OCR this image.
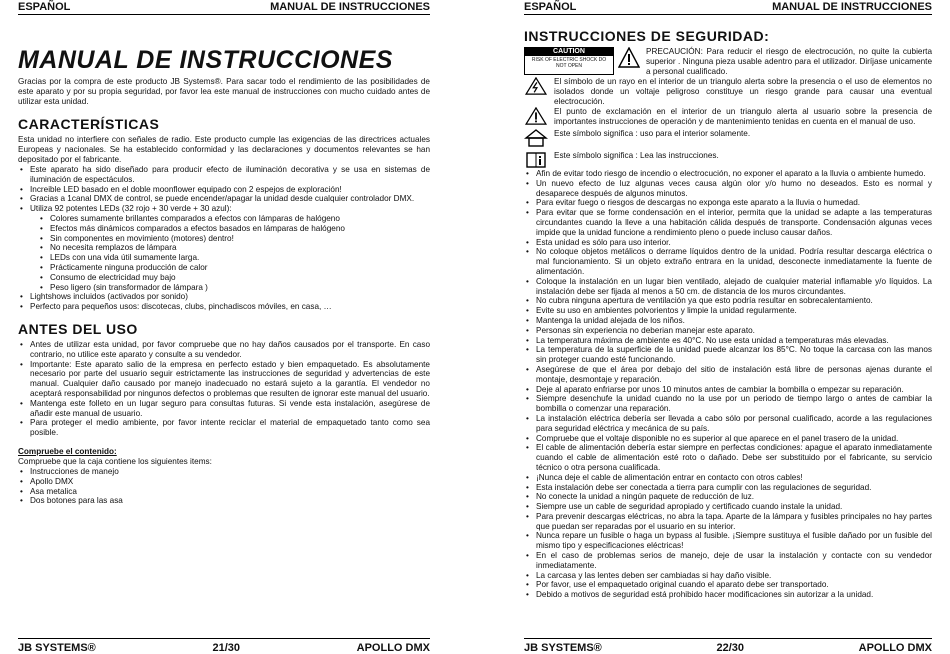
ESPAÑOL	MANUAL DE INSTRUCCIONES
MANUAL DE INSTRUCCIONES

Gracias por la compra de este producto JB Systems®. Para sacar todo el rendimiento de las posibilidades de este aparato y por su propia seguridad, por favor lea este manual de instrucciones con mucho cuidado antes de utilizar esta unidad.

CARACTERÍSTICAS

Esta unidad no interfiere con señales de radio. Este producto cumple las exigencias de las directrices actuales Europeas y nacionales. Se ha establecido conformidad y las declaraciones y documentos relevantes se han depositado por el fabricante.

• Este aparato ha sido diseñado para producir efecto de iluminación decorativa y se usa en sistemas de iluminación de espectáculos.
• Increible LED basado en el doble moonflower equipado con 2 espejos de exploración!
• Gracias a 1canal DMX de control, se puede encender/apagar la unidad desde cualquier controlador DMX.
• Utiliza 92 potentes LEDs (32 rojo + 30 verde + 30 azul):
• Colores sumamente brillantes comparados a efectos con lámparas de halógeno
• Efectos más dinámicos comparados a efectos basados en lámparas de halógeno
• Sin componentes en movimiento (motores) dentro!
• No necesita remplazos de lámpara
• LEDs con una vida útil sumamente larga.
• Prácticamente ninguna producción de calor
• Consumo de electricidad muy bajo
• Peso ligero (sin transformador de lámpara )
• Lightshows incluidos (activados por sonido)
• Perfecto para pequeños usos: discotecas, clubs, pinchadiscos móviles, en casa, …
ANTES DEL USO
• Antes de utilizar esta unidad, por favor compruebe que no hay daños causados por el transporte. En caso contrario, no utilice este aparato y consulte a su vendedor.
• Importante: Este aparato salio de la empresa en perfecto estado y bien empaquetado. Es absolutamente necesario por parte del usuario seguir estrictamente las instrucciones de seguridad y advertencias de este manual. Cualquier daño causado por manejo inadecuado no estará sujeto a la garantía. El vendedor no aceptará responsabilidad por ningunos defectos o problemas que resulten de ignorar este manual del usuario.
• Mantenga este folleto en un lugar seguro para consultas futuras. Si vende esta instalación, asegúrese de añadir este manual de usuario.
• Para proteger el medio ambiente, por favor intente reciclar el material de empaquetado tanto como sea posible.

Compruebe el contenido:

Compruebe que la caja contiene los siguientes items:

• Instrucciones de manejo
• Apollo DMX
• Asa metalica
• Dos botones para las asa
JB SYSTEMS®	21/30	APOLLO DMX
ESPAÑOL	MANUAL DE INSTRUCCIONES
INSTRUCCIONES DE SEGURIDAD:
CAUTION
RISK OF ELECTRIC SHOCK DO NOT OPEN

PRECAUCIÓN: Para reducir el riesgo de electrocución, no quite la cubierta superior . Ninguna pieza usable adentro para el utilizador. Diríjase unicamente a personal cualificado.

El símbolo de un rayo en el interior de un triangulo alerta sobre la presencia o el uso de elementos no isolados donde un voltaje peligroso constituye un riesgo grande para causar una eventual electrocución.

El punto de exclamación en el interior de un triangulo alerta al usuario sobre la presencia de importantes instrucciones de operación y de mantenimiento tenidas en cuenta en el manual de uso.

Este símbolo significa : uso para el interior solamente.

Este símbolo significa : Lea las instrucciones.

• Afin de evitar todo riesgo de incendio o electrocución, no exponer el aparato a la lluvia o ambiente humedo.
• Un nuevo efecto de luz algunas veces causa algún olor y/o humo no deseados. Esto es normal y desaparece después de algunos minutos.
• Para evitar fuego o riesgos de descargas no exponga este aparato a la lluvia o humedad.
• Para evitar que se forme condensación en el interior, permita que la unidad se adapte a las temperaturas circundantes cuando la lleve a una habitación cálida después de transporte. Condensación algunas veces impide que la unidad funcione a rendimiento pleno o puede incluso causar daños.
• Esta unidad es sólo para uso interior.
• No coloque objetos metálicos o derrame líquidos dentro de la unidad. Podría resultar descarga eléctrica o mal funcionamiento. Si un objeto extraño entrara en la unidad, desconecte inmediatamente la fuente de alimentación.
• Coloque la instalación en un lugar bien ventilado, alejado de cualquier material inflamable y/o líquidos. La instalación debe ser fijada al menos a 50 cm. de distancia de los muros circundantes.
• No cubra ninguna apertura de ventilación ya que esto podría resultar en sobrecalentamiento.
• Evite su uso en ambientes polvorientos y limpie la unidad regularmente.
• Mantenga la unidad alejada de los niños.
• Personas sin experiencia no deberian manejar este aparato.
• La temperatura máxima de ambiente es 40°C. No use esta unidad a temperaturas más elevadas.
• La temperatura de la superficie de la unidad puede alcanzar los 85°C. No toque la carcasa con las manos sin proteger cuando esté funcionando.
• Asegúrese de que el área por debajo del sitio de instalación está libre de personas ajenas durante el montaje, desmontaje y reparación.
• Deje al aparato enfriarse por unos 10 minutos antes de cambiar la bombilla o empezar su reparación.
• Siempre desenchufe la unidad cuando no la use por un periodo de tiempo largo o antes de cambiar la bombilla o comenzar una reparación.
• La instalación eléctrica debería ser llevada a cabo sólo por personal cualificado, acorde a las regulaciones para seguridad eléctrica y mecánica de su país.
• Compruebe que el voltaje disponible no es superior al que aparece en el panel trasero de la unidad.
• El cable de alimentación debería estar siempre en perfectas condiciones: apague el aparato inmediatamente cuando el cable de alimentación esté roto o dañado. Debe ser substituido por el fabricante, su servicio técnico o otra persona cualificada.
• ¡Nunca deje el cable de alimentación entrar en contacto con otros cables!
• Esta instalación debe ser conectada a tierra para cumplir con las regulaciones de seguridad.
• No conecte la unidad a ningún paquete de reducción de luz.
• Siempre use un cable de seguridad apropiado y certificado cuando instale la unidad.
• Para prevenir descargas eléctricas, no abra la tapa. Aparte de la lámpara y fusibles principales no hay partes que puedan ser reparadas por el usuario en su interior.
• Nunca repare un fusible o haga un bypass al fusible. ¡Siempre sustituya el fusible dañado por un fusible del mismo tipo y especificaciones eléctricas!
• En el caso de problemas serios de manejo, deje de usar la instalación y contacte con su vendedor inmediatamente.
• La carcasa y las lentes deben ser cambiadas si hay daño visible.
• Por favor, use el empaquetado original cuando el aparato debe ser transportado.
• Debido a motivos de seguridad está prohibido hacer modificaciones sin autorizar a la unidad.
JB SYSTEMS®	22/30	APOLLO DMX
